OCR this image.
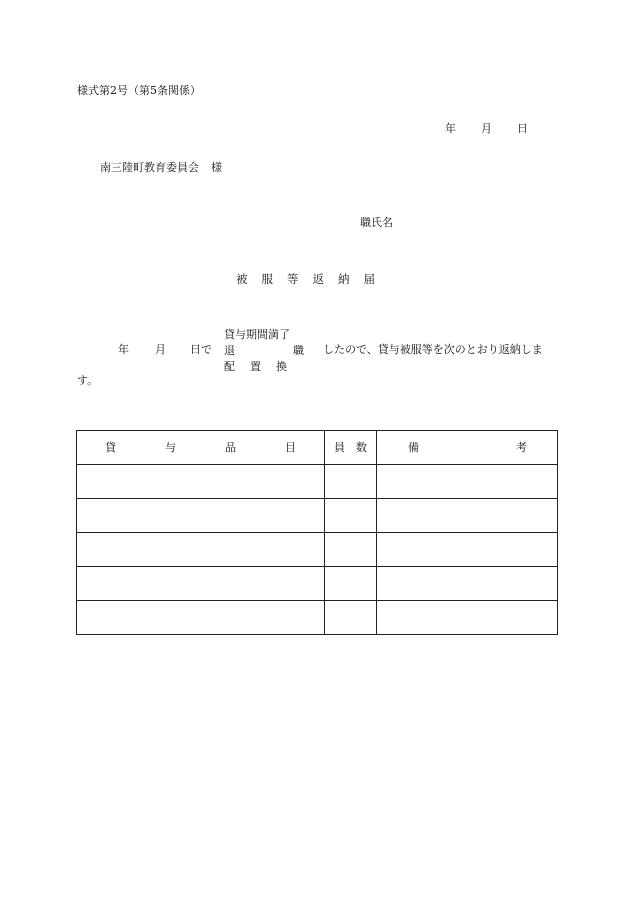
様式第2号（第5条関係）
年 月 日
南三陸町教育委員会 様
職氏名
被服等返納届
年 月 日で
貸与期間満了
退	職
配 置 換
したので、貸与被服等を次のとおり返納しま
す。
貸 与 品 目	員 数	備 考
